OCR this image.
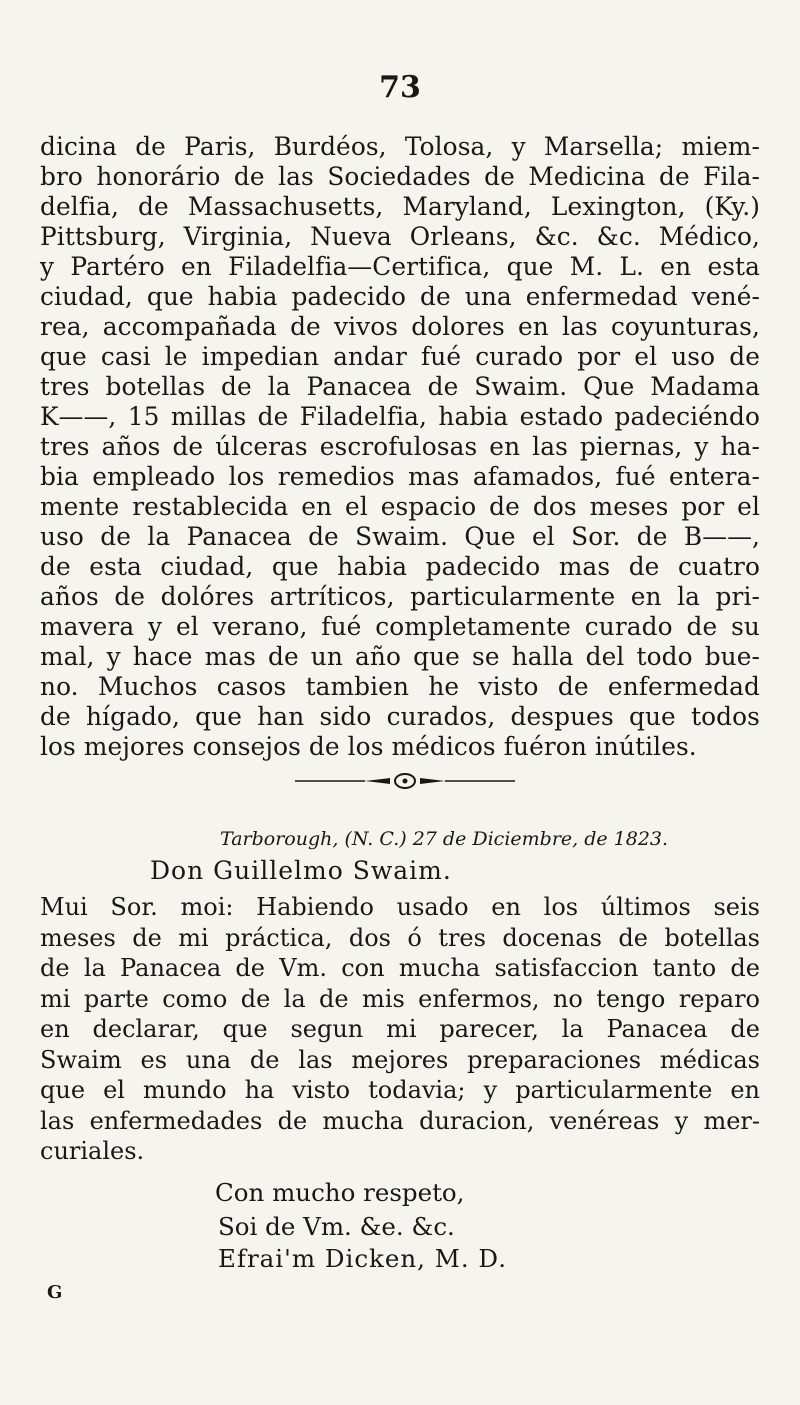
73
dicina de Paris, Burdéos, Tolosa, y Marsella; miem-
bro honorário de las Sociedades de Medicina de Fila-
delfia, de Massachusetts, Maryland, Lexington, (Ky.)
Pittsburg, Virginia, Nueva Orleans, &c. &c. Médico,
y Partéro en Filadelfia—Certifica, que M. L. en esta
ciudad, que habia padecido de una enfermedad vené-
rea, accompañada de vivos dolores en las coyunturas,
que casi le impedian andar fué curado por el uso de
tres botellas de la Panacea de Swaim. Que Madama
K——, 15 millas de Filadelfia, habia estado padeciéndo
tres años de úlceras escrofulosas en las piernas, y ha-
bia empleado los remedios mas afamados, fué entera-
mente restablecida en el espacio de dos meses por el
uso de la Panacea de Swaim. Que el Sor. de B——,
de esta ciudad, que habia padecido mas de cuatro
años de dolóres artríticos, particularmente en la pri-
mavera y el verano, fué completamente curado de su
mal, y hace mas de un año que se halla del todo bue-
no. Muchos casos tambien he visto de enfermedad
de hígado, que han sido curados, despues que todos
los mejores consejos de los médicos fuéron inútiles.
Tarborough, (N. C.) 27 de Diciembre, de 1823.
Don Guillelmo Swaim.
Mui Sor. moi: Habiendo usado en los últimos seis
meses de mi práctica, dos ó tres docenas de botellas
de la Panacea de Vm. con mucha satisfaccion tanto de
mi parte como de la de mis enfermos, no tengo reparo
en declarar, que segun mi parecer, la Panacea de
Swaim es una de las mejores preparaciones médicas
que el mundo ha visto todavia; y particularmente en
las enfermedades de mucha duracion, venéreas y mer-
curiales.
Con mucho respeto,
Soi de Vm. &e. &c.
Efrai'm Dicken, M. D.
G
